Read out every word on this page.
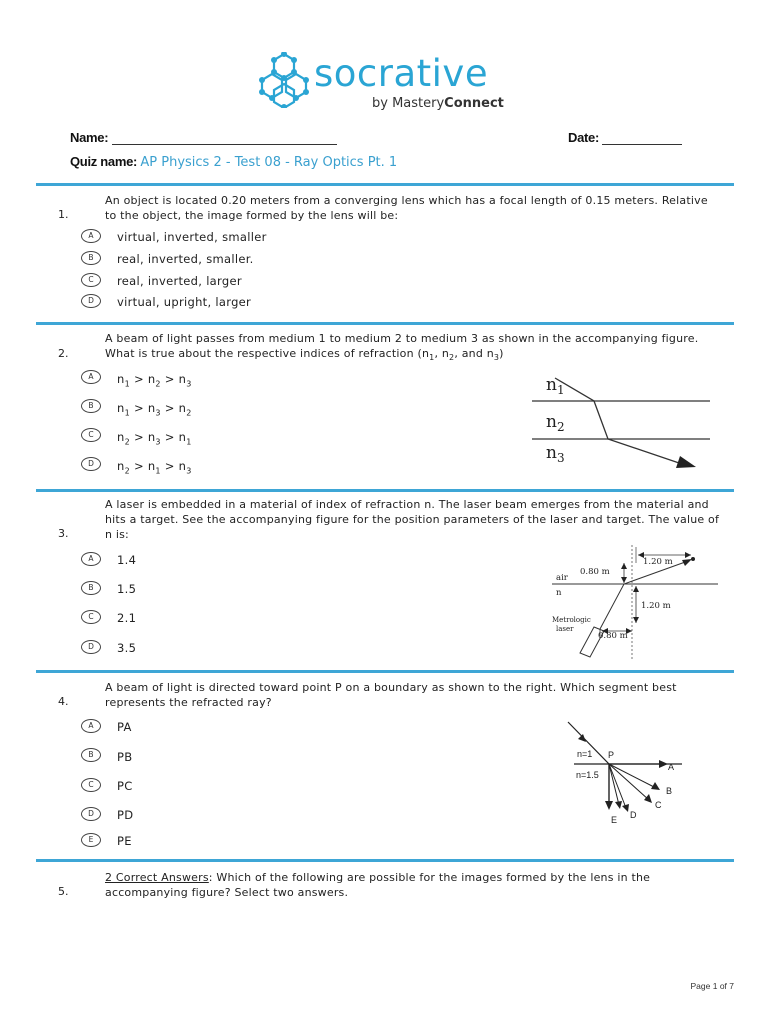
socrative
by MasteryConnect
Name:	Date:
Quiz name: AP Physics 2 - Test 08 - Ray Optics Pt. 1
1.
An object is located 0.20 meters from a converging lens which has a focal length of 0.15 meters. Relative to the object, the image formed by the lens will be:
A	virtual, inverted, smaller
B	real, inverted, smaller.
C	real, inverted, larger
D	virtual, upright, larger
2.
A beam of light passes from medium 1 to medium 2 to medium 3 as shown in the accompanying figure. What is true about the respective indices of refraction ($n_1$, $n_2$, and $n_3$)
A	$n_1 > n_2 > n_3$
B	$n_1 > n_3 > n_2$
C	$n_2 > n_3 > n_1$
D	$n_2 > n_1 > n_3$
$n_1$
$n_2$
$n_3$
3.
A laser is embedded in a material of index of refraction n. The laser beam emerges from the material and hits a target. See the accompanying figure for the position parameters of the laser and target. The value of n is:
A	1.4
B	1.5
C	2.1
D	3.5
1.20 m
0.80 m
air
n
1.20 m
Metrologic
laser
0.80 m
4.
A beam of light is directed toward point P on a boundary as shown to the right. Which segment best represents the refracted ray?
A	PA
B	PB
C	PC
D	PD
E	PE
n=1 P
n=1.5
A
B
C
D
E
5.
2 Correct Answers: Which of the following are possible for the images formed by the lens in the accompanying figure? Select two answers.
Page 1 of 7
